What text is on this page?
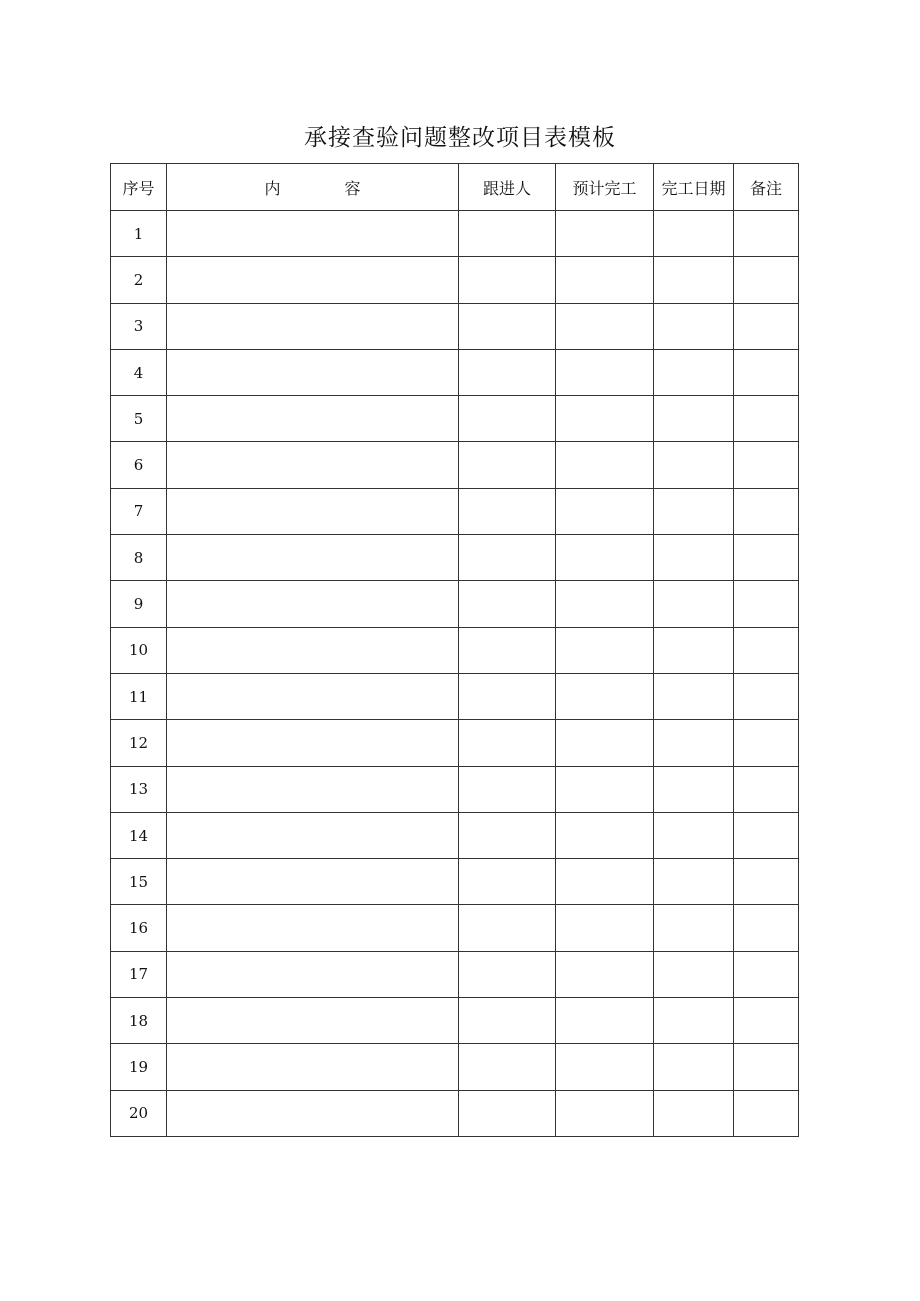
承接查验问题整改项目表模板
序号	内容	跟进人	预计完工	完工日期	备注
1					
2					
3					
4					
5					
6					
7					
8					
9					
10					
11					
12					
13					
14					
15					
16					
17					
18					
19					
20					
